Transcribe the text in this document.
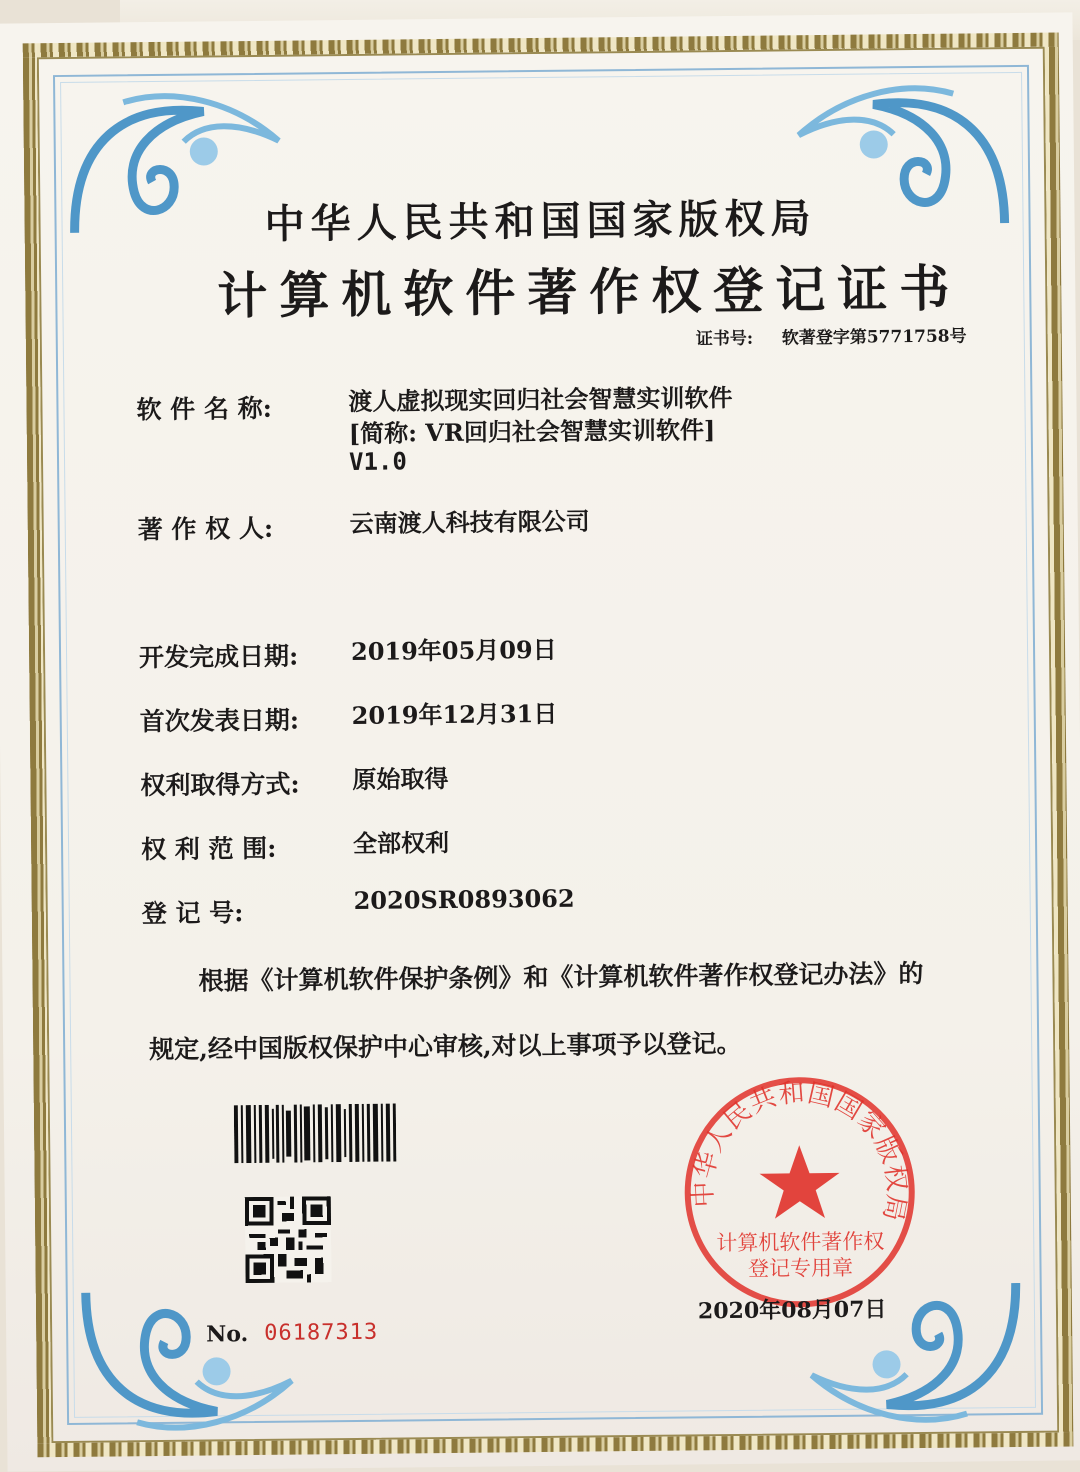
中华人民共和国国家版权局
计算机软件著作权登记证书
证书号: 软著登字第5771758号
软 件 名 称:	渡人虚拟现实回归社会智慧实训软件
[简称: VR回归社会智慧实训软件]
V1.0
著 作 权 人:	云南渡人科技有限公司
开发完成日期: 2019年05月09日
首次发表日期: 2019年12月31日
权利取得方式: 原始取得
权 利 范 围:	全部权利
登 记 号:	2020SR0893062
根据《计算机软件保护条例》和《计算机软件著作权登记办法》的
规定,经中国版权保护中心审核,对以上事项予以登记。
No. 06187313
中华人民共和国国家版权局
计算机软件著作权
登记专用章
2020年08月07日
